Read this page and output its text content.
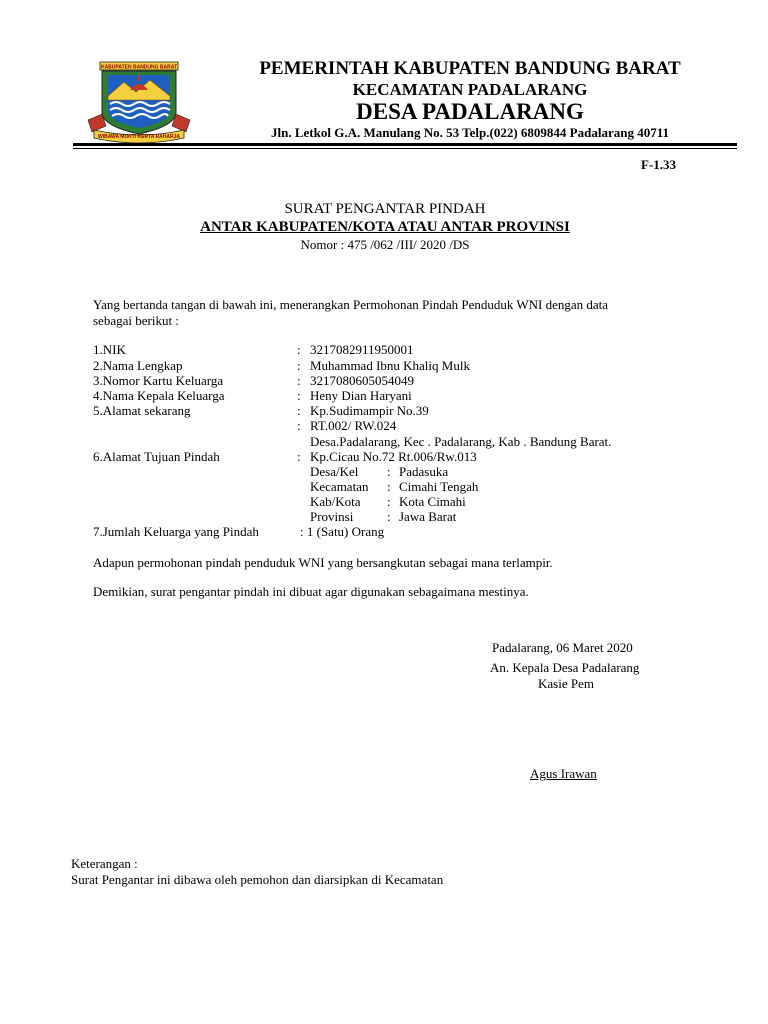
KABUPATEN BANDUNG BARAT
WIBAWA MUKTI KERTA RAHARJA
PEMERINTAH KABUPATEN BANDUNG BARAT
KECAMATAN PADALARANG
DESA PADALARANG
Jln. Letkol G.A. Manulang No. 53 Telp.(022) 6809844 Padalarang 40711
F-1.33
SURAT PENGANTAR PINDAH
ANTAR KABUPATEN/KOTA ATAU ANTAR PROVINSI
Nomor : 475 /062 /III/ 2020 /DS
Yang bertanda tangan di bawah ini, menerangkan Permohonan Pindah Penduduk WNI dengan data
sebagai berikut :
1.NIK	: 3217082911950001
2.Nama Lengkap	: Muhammad Ibnu Khaliq Mulk
3.Nomor Kartu Keluarga	: 3217080605054049
4.Nama Kepala Keluarga	: Heny Dian Haryani
5.Alamat sekarang	: Kp.Sudimampir No.39
: RT.002/ RW.024
Desa.Padalarang, Kec . Padalarang, Kab . Bandung Barat.
6.Alamat Tujuan Pindah	: Kp.Cicau No.72 Rt.006/Rw.013
Desa/Kel : Padasuka
Kecamatan : Cimahi Tengah
Kab/Kota : Kota Cimahi
Provinsi	: Jawa Barat
7.Jumlah Keluarga yang Pindah	: 1 (Satu) Orang
Adapun permohonan pindah penduduk WNI yang bersangkutan sebagai mana terlampir.
Demikian, surat pengantar pindah ini dibuat agar digunakan sebagaimana mestinya.
Padalarang, 06 Maret 2020
An. Kepala Desa Padalarang
Kasie Pem
Agus Irawan
Keterangan :
Surat Pengantar ini dibawa oleh pemohon dan diarsipkan di Kecamatan
